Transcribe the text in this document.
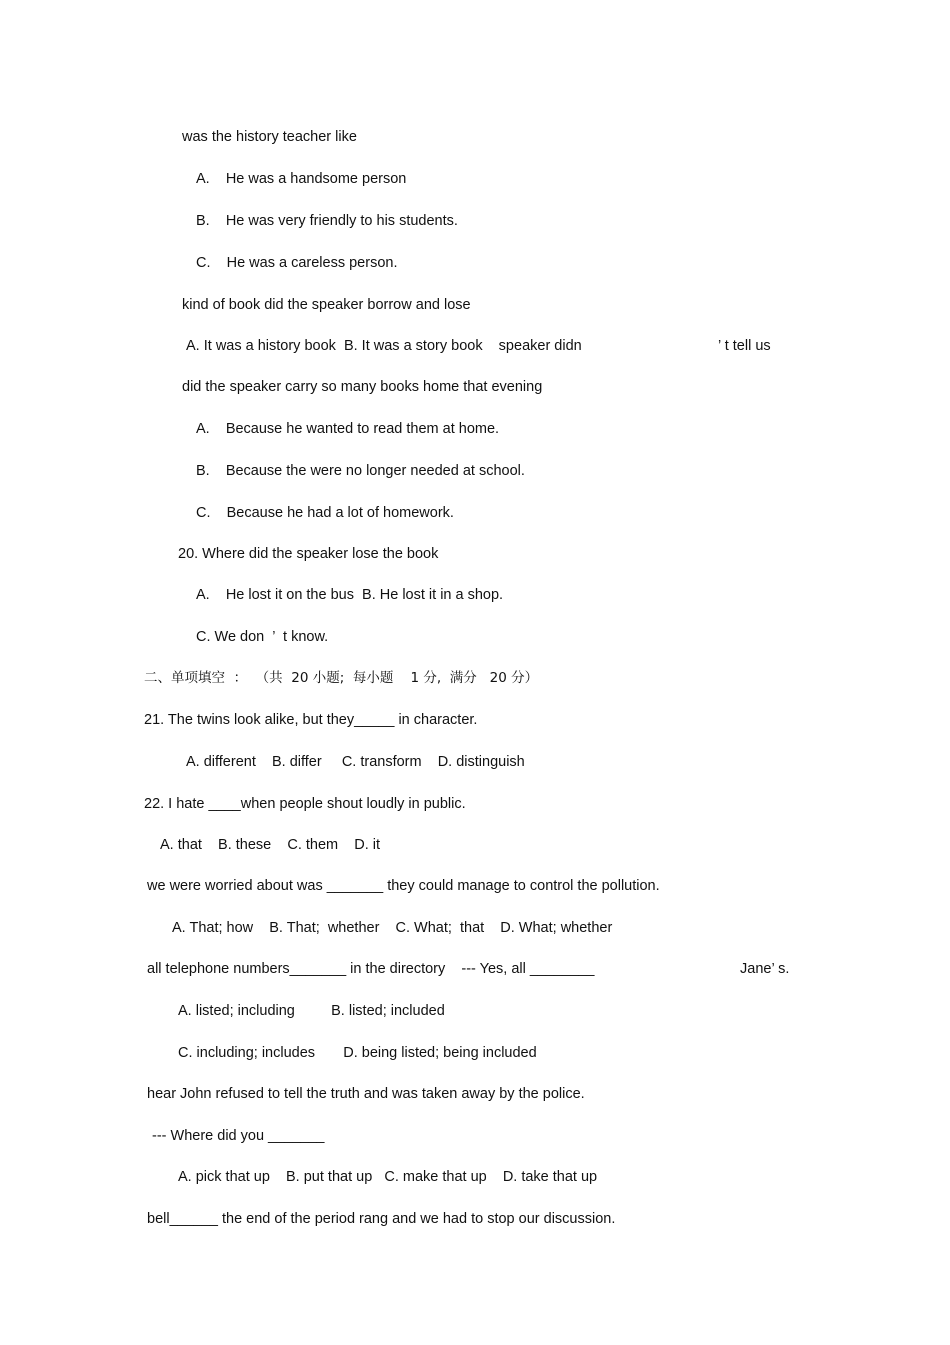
was the history teacher like
A.    He was a handsome person
B.    He was very friendly to his students.
C.    He was a careless person.
kind of book did the speaker borrow and lose
A. It was a history book  B. It was a story book    speaker didn	’ t tell us
did the speaker carry so many books home that evening
A.    Because he wanted to read them at home.
B.    Because the were no longer needed at school.
C.    Because he had a lot of homework.
20. Where did the speaker lose the book
A.    He lost it on the bus  B. He lost it in a shop.
C. We don  ’  t know.
二、单项填空  ：  （共  20 小题;  每小题    1 分,  满分   20 分）
21. The twins look alike, but they_____ in character.
A. different    B. differ     C. transform    D. distinguish
22. I hate ____when people shout loudly in public.
A. that    B. these    C. them    D. it
we were worried about was _______ they could manage to control the pollution.
A. That; how    B. That;  whether    C. What;  that    D. What; whether
all telephone numbers_______ in the directory    --- Yes, all ________	Jane’ s.
A. listed; including         B. listed; included
C. including; includes       D. being listed; being included
hear John refused to tell the truth and was taken away by the police.
--- Where did you _______
A. pick that up    B. put that up   C. make that up    D. take that up
bell______ the end of the period rang and we had to stop our discussion.
